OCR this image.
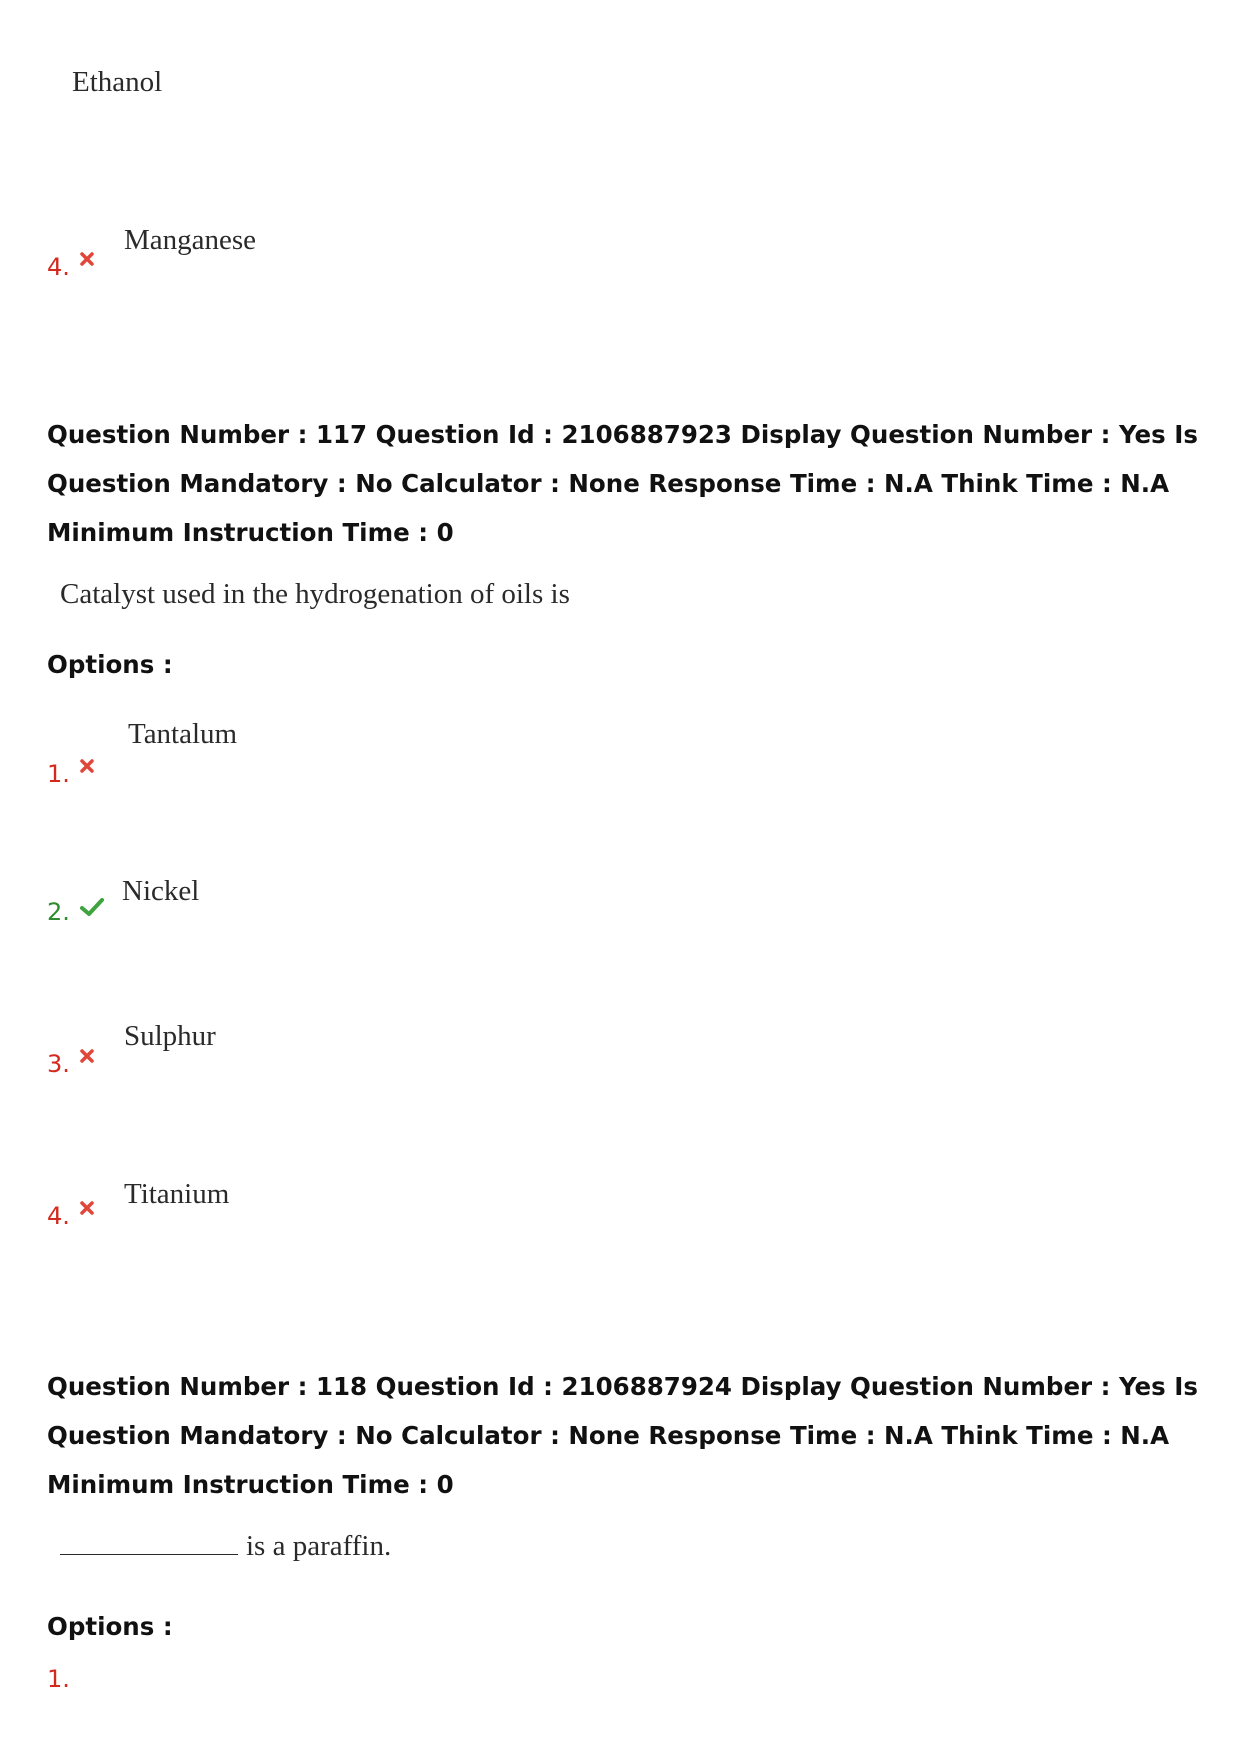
Ethanol
Manganese
4.
Question Number : 117 Question Id : 2106887923 Display Question Number : Yes Is Question Mandatory : No Calculator : None Response Time : N.A Think Time : N.A Minimum Instruction Time : 0
Catalyst used in the hydrogenation of oils is
Options :
Tantalum
1.
Nickel
2.
Sulphur
3.
Titanium
4.
Question Number : 118 Question Id : 2106887924 Display Question Number : Yes Is Question Mandatory : No Calculator : None Response Time : N.A Think Time : N.A Minimum Instruction Time : 0
is a paraffin.
Options :
1.
